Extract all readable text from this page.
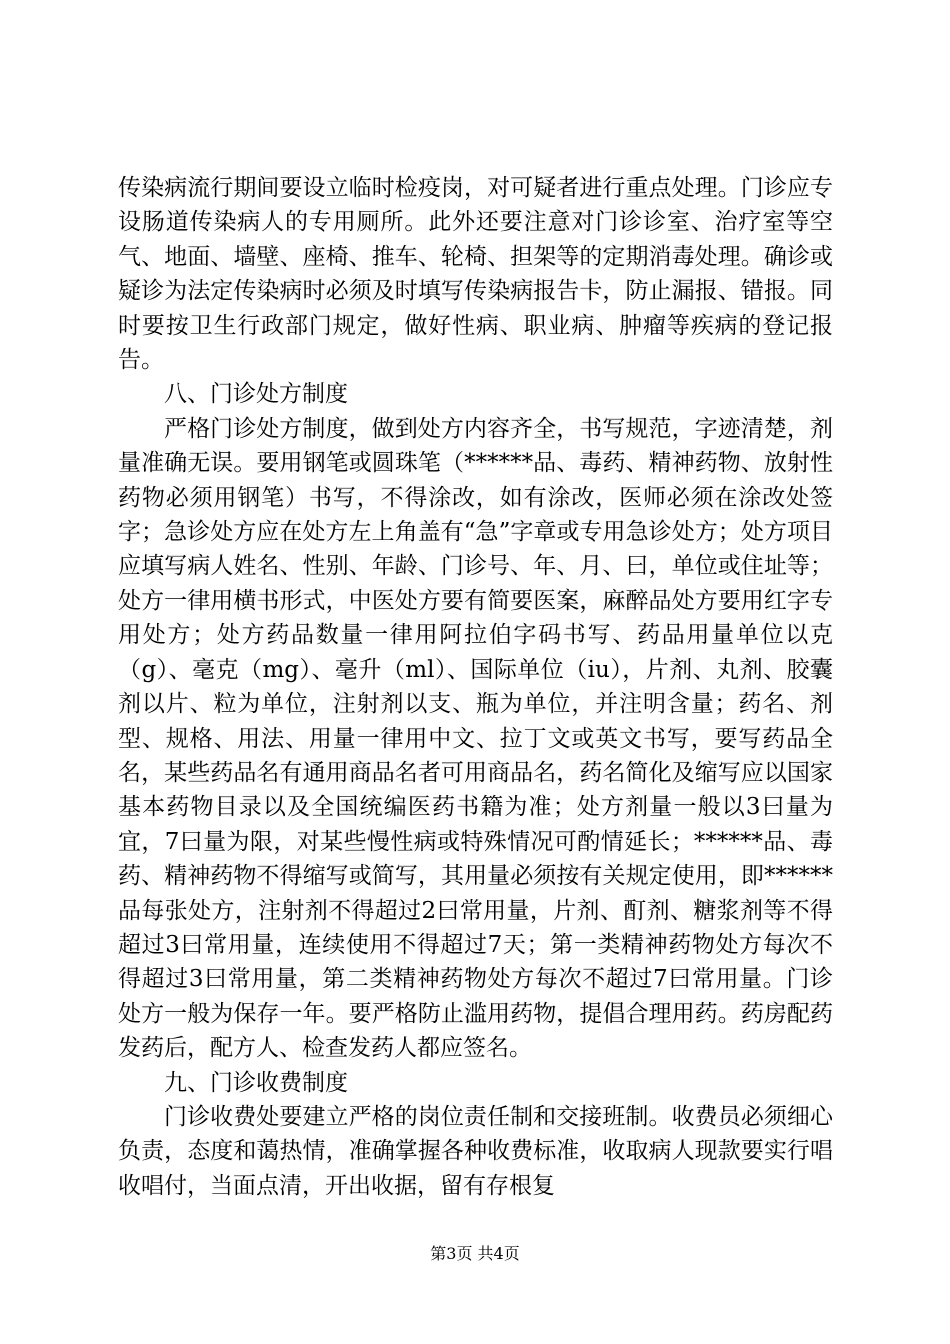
传染病流行期间要设立临时检疫岗，对可疑者进行重点处理。门诊应专设肠道传染病人的专用厕所。此外还要注意对门诊诊室、治疗室等空气、地面、墙壁、座椅、推车、轮椅、担架等的定期消毒处理。确诊或疑诊为法定传染病时必须及时填写传染病报告卡，防止漏报、错报。同时要按卫生行政部门规定，做好性病、职业病、肿瘤等疾病的登记报告。

八、门诊处方制度

严格门诊处方制度，做到处方内容齐全，书写规范，字迹清楚，剂量准确无误。要用钢笔或圆珠笔（******品、毒药、精神药物、放射性药物必须用钢笔）书写，不得涂改，如有涂改，医师必须在涂改处签字；急诊处方应在处方左上角盖有“急”字章或专用急诊处方；处方项目应填写病人姓名、性别、年龄、门诊号、年、月、曰，单位或住址等；处方一律用横书形式，中医处方要有简要医案，麻醉品处方要用红字专用处方；处方药品数量一律用阿拉伯字码书写、药品用量单位以克（g）、毫克（mg）、毫升（ml）、国际单位（iu），片剂、丸剂、胶囊剂以片、粒为单位，注射剂以支、瓶为单位，并注明含量；药名、剂型、规格、用法、用量一律用中文、拉丁文或英文书写，要写药品全名，某些药品名有通用商品名者可用商品名，药名简化及缩写应以国家基本药物目录以及全国统编医药书籍为准；处方剂量一般以3曰量为宜，7曰量为限，对某些慢性病或特殊情况可酌情延长；******品、毒药、精神药物不得缩写或简写，其用量必须按有关规定使用，即******品每张处方，注射剂不得超过2曰常用量，片剂、酊剂、糖浆剂等不得超过3曰常用量，连续使用不得超过7天；第一类精神药物处方每次不得超过3曰常用量，第二类精神药物处方每次不超过7曰常用量。门诊处方一般为保存一年。要严格防止滥用药物，提倡合理用药。药房配药发药后，配方人、检查发药人都应签名。

九、门诊收费制度

门诊收费处要建立严格的岗位责任制和交接班制。收费员必须细心负责，态度和蔼热情，准确掌握各种收费标准，收取病人现款要实行唱收唱付，当面点清，开出收据，留有存根复

第3页 共4页
